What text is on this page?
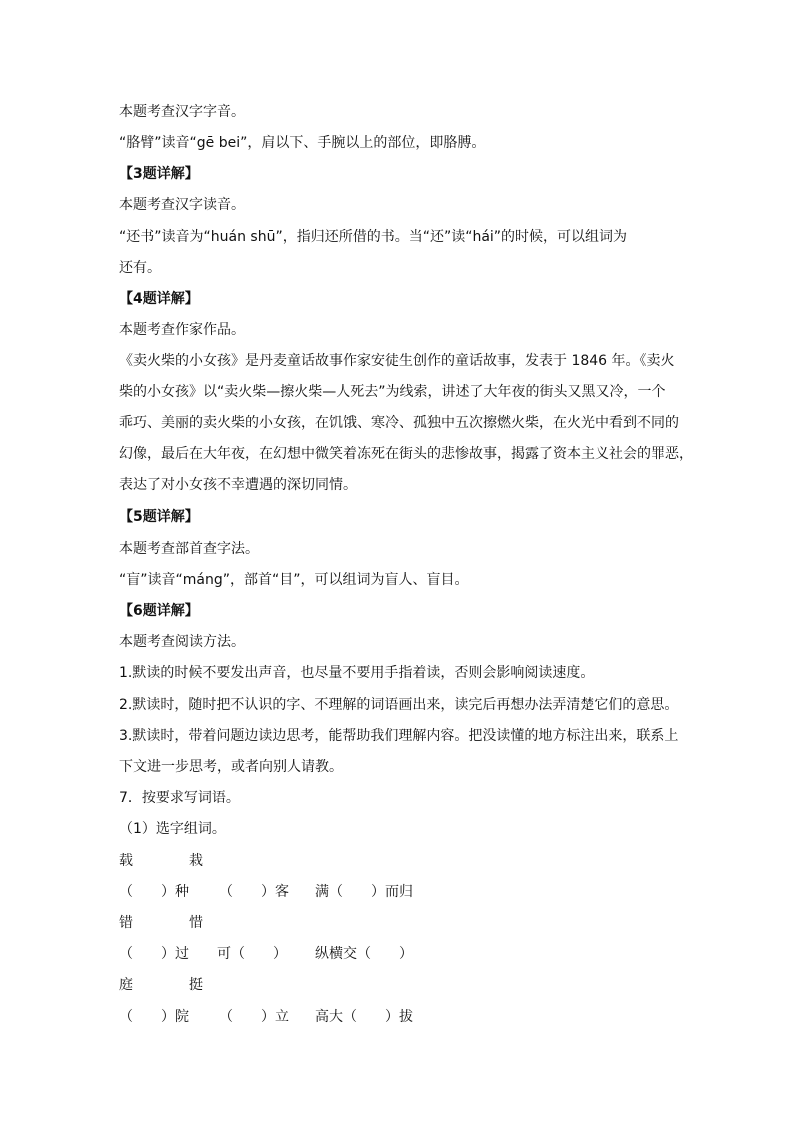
本题考查汉字字音。
“胳臂”读音“gē bei”，肩以下、手腕以上的部位，即胳膊。
【3题详解】
本题考查汉字读音。
“还书”读音为“huán shū”，指归还所借的书。当“还”读“hái”的时候，可以组词为
还有。
【4题详解】
本题考查作家作品。
《卖火柴的小女孩》是丹麦童话故事作家安徒生创作的童话故事，发表于 1846 年。《卖火
柴的小女孩》以“卖火柴—擦火柴—人死去”为线索，讲述了大年夜的街头又黑又冷，一个
乖巧、美丽的卖火柴的小女孩，在饥饿、寒冷、孤独中五次擦燃火柴，在火光中看到不同的
幻像，最后在大年夜，在幻想中微笑着冻死在街头的悲惨故事，揭露了资本主义社会的罪恶，
表达了对小女孩不幸遭遇的深切同情。
【5题详解】
本题考查部首查字法。
“盲”读音“máng”，部首“目”，可以组词为盲人、盲目。
【6题详解】
本题考查阅读方法。
1.默读的时候不要发出声音，也尽量不要用手指着读，否则会影响阅读速度。
2.默读时，随时把不认识的字、不理解的词语画出来，读完后再想办法弄清楚它们的意思。
3.默读时，带着问题边读边思考，能帮助我们理解内容。把没读懂的地方标注出来，联系上
下文进一步思考，或者向别人请教。
7．按要求写词语。
（1）选字组词。
载	栽
（　　）种 （　　）客 满（　　）而归
错	惜
（　　）过 可（　　） 纵横交（　　）
庭	挺
（　　）院 （　　）立 高大（　　）拔
